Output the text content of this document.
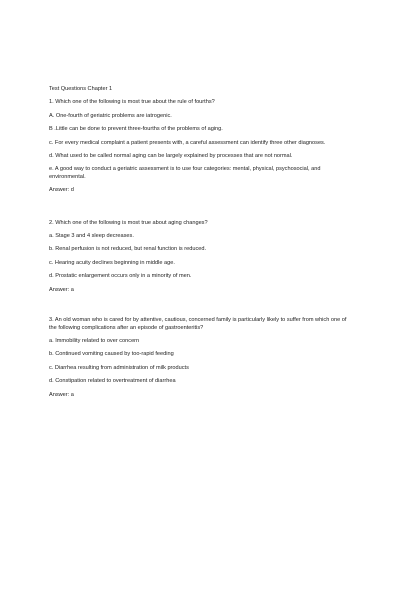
Test Questions Chapter 1

1. Which one of the following is most true about the rule of fourths?

A. One-fourth of geriatric problems are iatrogenic.

B .Little can be done to prevent three-fourths of the problems of aging.

c. For every medical complaint a patient presents with, a careful assessment can identify three other diagnoses.

d. What used to be called normal aging can be largely explained by processes that are not normal.

e. A good way to conduct a geriatric assessment is to use four categories: mental, physical, psychosocial, and environmental.

Answer: d

2. Which one of the following is most true about aging changes?

a. Stage 3 and 4 sleep decreases.

b. Renal perfusion is not reduced, but renal function is reduced.

c. Hearing acuity declines beginning in middle age.

d. Prostatic enlargement occurs only in a minority of men.

Answer: a

3. An old woman who is cared for by attentive, cautious, concerned family is particularly likely to suffer from which one of the following complications after an episode of gastroenteritis?

a. Immobility related to over concern

b. Continued vomiting caused by too-rapid feeding

c. Diarrhea resulting from administration of milk products

d. Constipation related to overtreatment of diarrhea

Answer: a
